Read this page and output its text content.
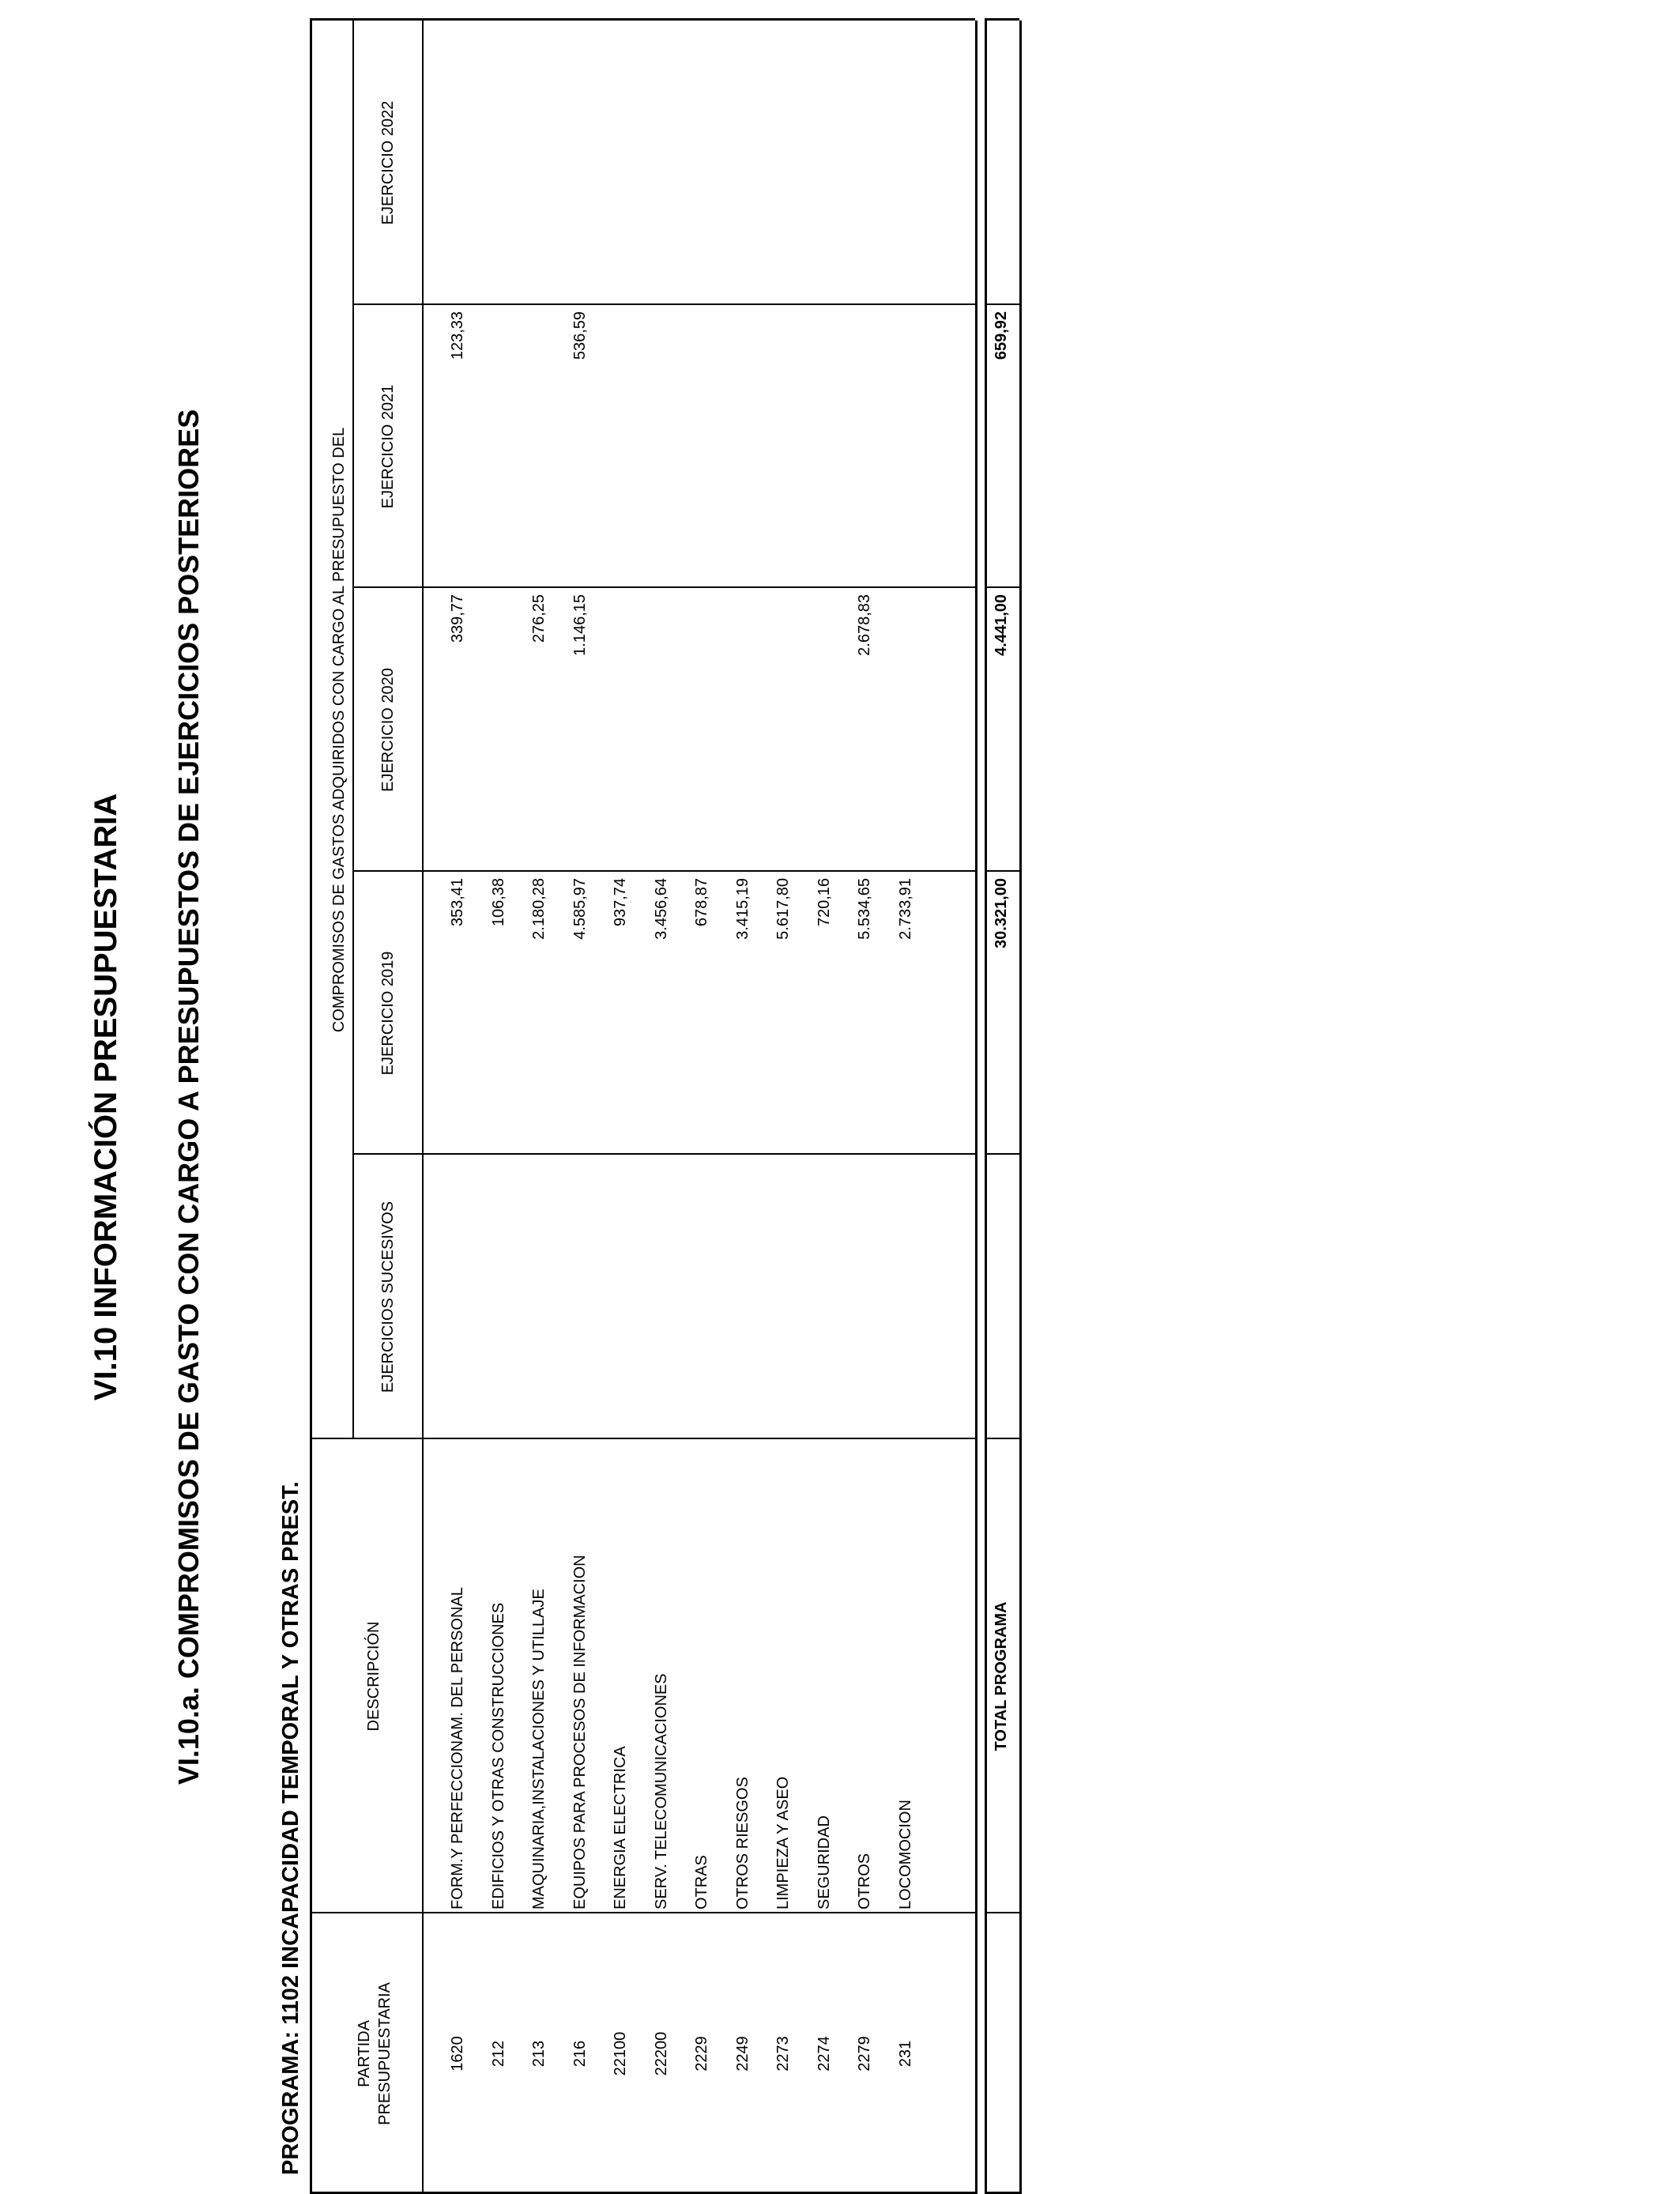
VI.10 INFORMACIÓN PRESUPUESTARIA VI.10.a. COMPROMISOS DE GASTO CON CARGO A PRESUPUESTOS DE EJERCICIOS POSTERIORES
PROGRAMA: 1102 INCAPACIDAD TEMPORAL Y OTRAS PREST.	PARTIDA PRESUPUESTARIA
DESCRIPCIÓN
COMPROMISOS DE GASTOS ADQUIRIDOS CON CARGO AL PRESUPUESTO DEL EJERCICIO 2019
EJERCICIO 2020
EJERCICIO 2021
EJERCICIO 2022
EJERCICIOS SUCESIVOS
1620
FORM.Y PERFECCIONAM. DEL PERSONAL
353,41
339,77
123,33
212
EDIFICIOS Y OTRAS CONSTRUCCIONES
106,38
213
MAQUINARIA,INSTALACIONES Y UTILLAJE
2.180,28
276,25
216
EQUIPOS PARA PROCESOS DE INFORMACION
4.585,97
1.146,15
536,59
22100
ENERGIA ELECTRICA
937,74
22200
SERV. TELECOMUNICACIONES
3.456,64
2229
OTRAS
678,87
2249
OTROS RIESGOS
3.415,19
2273
LIMPIEZA Y ASEO
5.617,80
2274
SEGURIDAD
720,16
2279
OTROS
5.534,65
2.678,83
231
LOCOMOCION
2.733,91
TOTAL PROGRAMA
30.321,00
4.441,00
659,92
